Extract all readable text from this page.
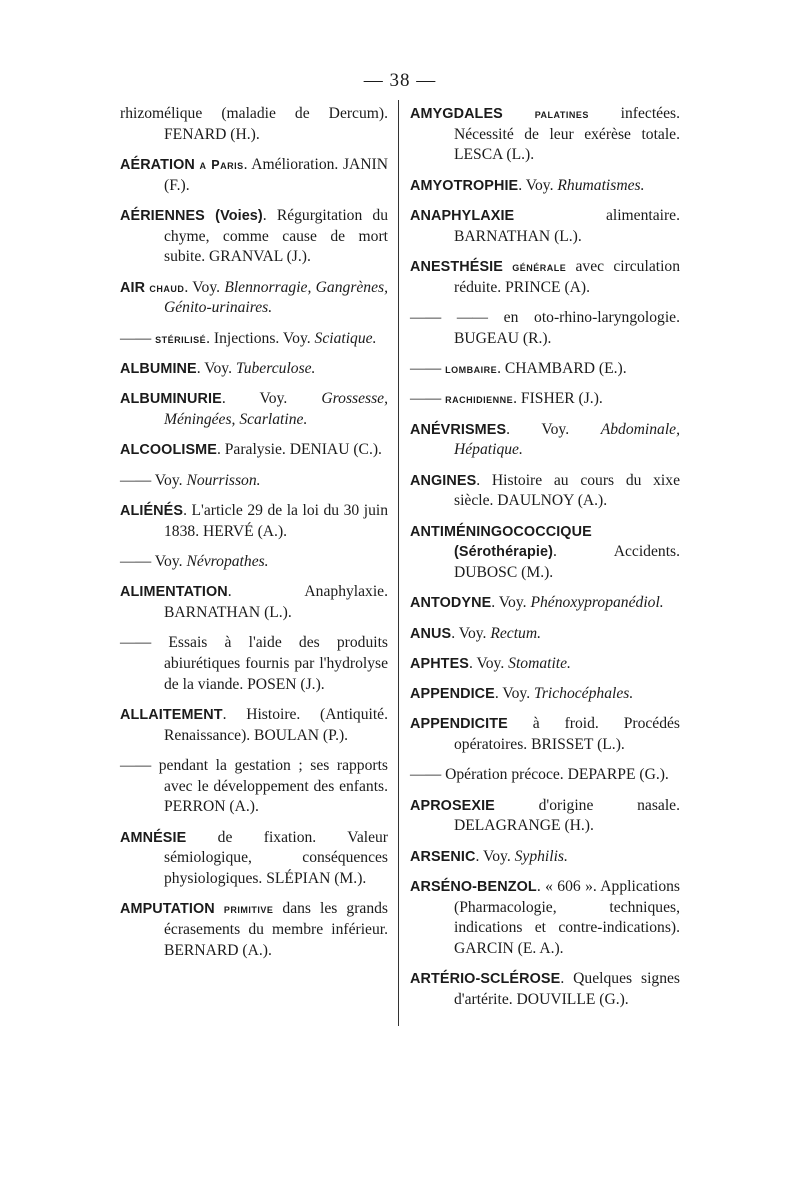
— 38 —
rhizomélique (maladie de Dercum). FENARD (H.).
AÉRATION a Paris. Amélioration. JANIN (F.).
AÉRIENNES (Voies). Régurgitation du chyme, comme cause de mort subite. GRANVAL (J.).
AIR chaud. Voy. Blennorragie, Gangrènes, Génito-urinaires.
—— stérilisé. Injections. Voy. Sciatique.
ALBUMINE. Voy. Tuberculose.
ALBUMINURIE. Voy. Grossesse, Méningées, Scarlatine.
ALCOOLISME. Paralysie. DENIAU (C.).
—— Voy. Nourrisson.
ALIÉNÉS. L'article 29 de la loi du 30 juin 1838. HERVÉ (A.).
—— Voy. Névropathes.
ALIMENTATION. Anaphylaxie. BARNATHAN (L.).
—— Essais à l'aide des produits abiurétiques fournis par l'hydrolyse de la viande. POSEN (J.).
ALLAITEMENT. Histoire. (Antiquité. Renaissance). BOULAN (P.).
—— pendant la gestation ; ses rapports avec le développement des enfants. PERRON (A.).
AMNÉSIE de fixation. Valeur sémiologique, conséquences physiologiques. SLÉPIAN (M.).
AMPUTATION primitive dans les grands écrasements du membre inférieur. BERNARD (A.).
AMYGDALES	palatines infectées. Nécessité de leur exérèse totale. LESCA (L.).
AMYOTROPHIE. Voy. Rhumatismes.
ANAPHYLAXIE alimentaire. BARNATHAN (L.).
ANESTHÉSIE générale avec circulation réduite. PRINCE (A).
—— —— en oto-rhino-laryngologie. BUGEAU (R.).
—— lombaire. CHAMBARD (E.).
—— rachidienne. FISHER (J.).
ANÉVRISMES. Voy. Abdominale, Hépatique.
ANGINES. Histoire au cours du xixe siècle. DAULNOY (A.).
ANTIMÉNINGOCOCCIQUE (Sérothérapie). Accidents. DUBOSC (M.).
ANTODYNE. Voy. Phénoxypropanédiol.
ANUS. Voy. Rectum.
APHTES. Voy. Stomatite.
APPENDICE. Voy. Trichocéphales.
APPENDICITE à froid. Procédés opératoires. BRISSET (L.).
—— Opération précoce. DEPARPE (G.).
APROSEXIE d'origine nasale. DELAGRANGE (H.).
ARSENIC. Voy. Syphilis.
ARSÉNO-BENZOL. « 606 ». Applications (Pharmacologie, techniques, indications et contre-indications). GARCIN (E. A.).
ARTÉRIO-SCLÉROSE. Quelques signes d'artérite. DOUVILLE (G.).
